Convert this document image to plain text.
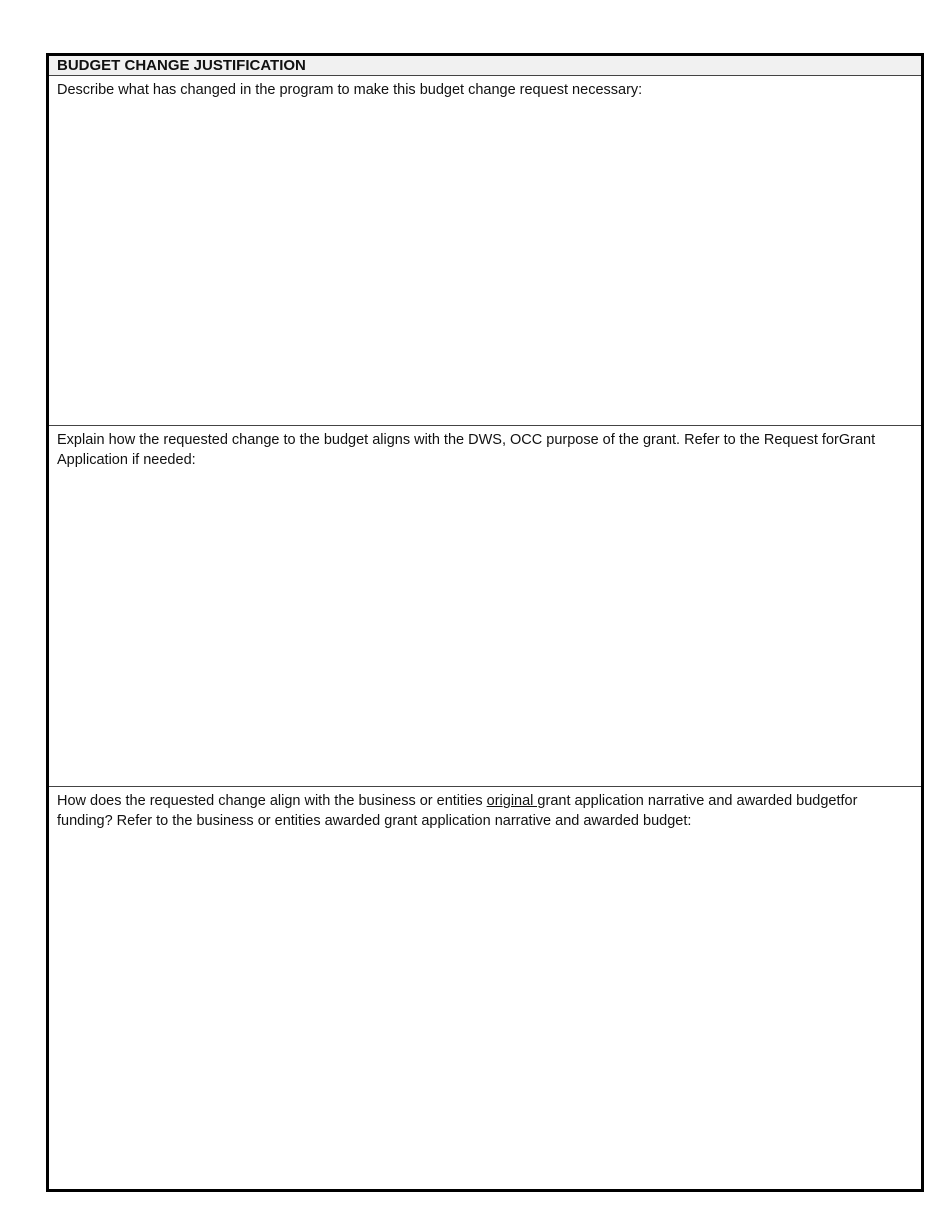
BUDGET CHANGE JUSTIFICATION

Describe what has changed in the program to make this budget change request necessary:

Explain how the requested change to the budget aligns with the DWS, OCC purpose of the grant. Refer to the Request forGrant Application if needed:

How does the requested change align with the business or entities original grant application narrative and awarded budgetfor funding? Refer to the business or entities awarded grant application narrative and awarded budget:
